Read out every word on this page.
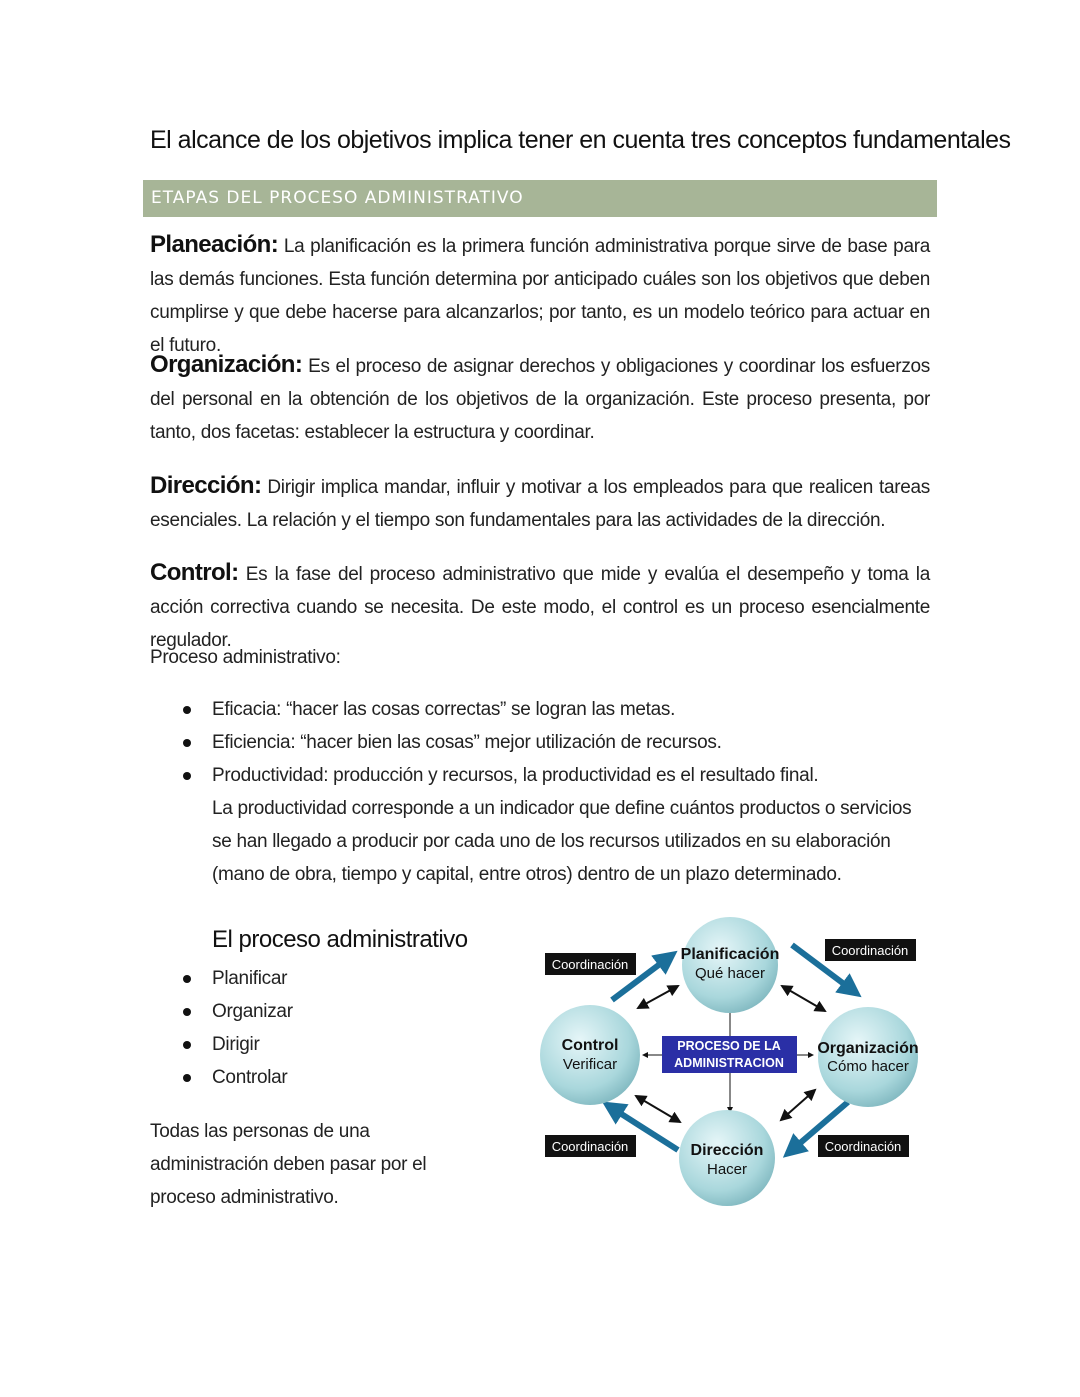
El alcance de los objetivos implica tener en cuenta tres conceptos fundamentales
ETAPAS DEL PROCESO ADMINISTRATIVO
Planeación: La planificación es la primera función administrativa porque sirve de base para las demás funciones. Esta función determina por anticipado cuáles son los objetivos que deben cumplirse y que debe hacerse para alcanzarlos; por tanto, es un modelo teórico para actuar en el futuro.
Organización: Es el proceso de asignar derechos y obligaciones y coordinar los esfuerzos del personal en la obtención de los objetivos de la organización. Este proceso presenta, por tanto, dos facetas: establecer la estructura y coordinar.
Dirección: Dirigir implica mandar, influir y motivar a los empleados para que realicen tareas esenciales. La relación y el tiempo son fundamentales para las actividades de la dirección.
Control: Es la fase del proceso administrativo que mide y evalúa el desempeño y toma la acción correctiva cuando se necesita. De este modo, el control es un proceso esencialmente regulador.
Proceso administrativo:
Eficacia: “hacer las cosas correctas” se logran las metas.
Eficiencia: “hacer bien las cosas” mejor utilización de recursos.
Productividad: producción y recursos, la productividad es el resultado final.
La productividad corresponde a un indicador que define cuántos productos o servicios se han llegado a producir por cada uno de los recursos utilizados en su elaboración (mano de obra, tiempo y capital, entre otros) dentro de un plazo determinado.
El proceso administrativo
Planificar
Organizar
Dirigir
Controlar
Todas las personas de una administración deben pasar por el proceso administrativo.
Planificación
Qué hacer
Organización
Cómo hacer
Dirección
Hacer
Control
Verificar
PROCESO DE LA
ADMINISTRACION
Coordinación
Coordinación
Coordinación	Coordinación
